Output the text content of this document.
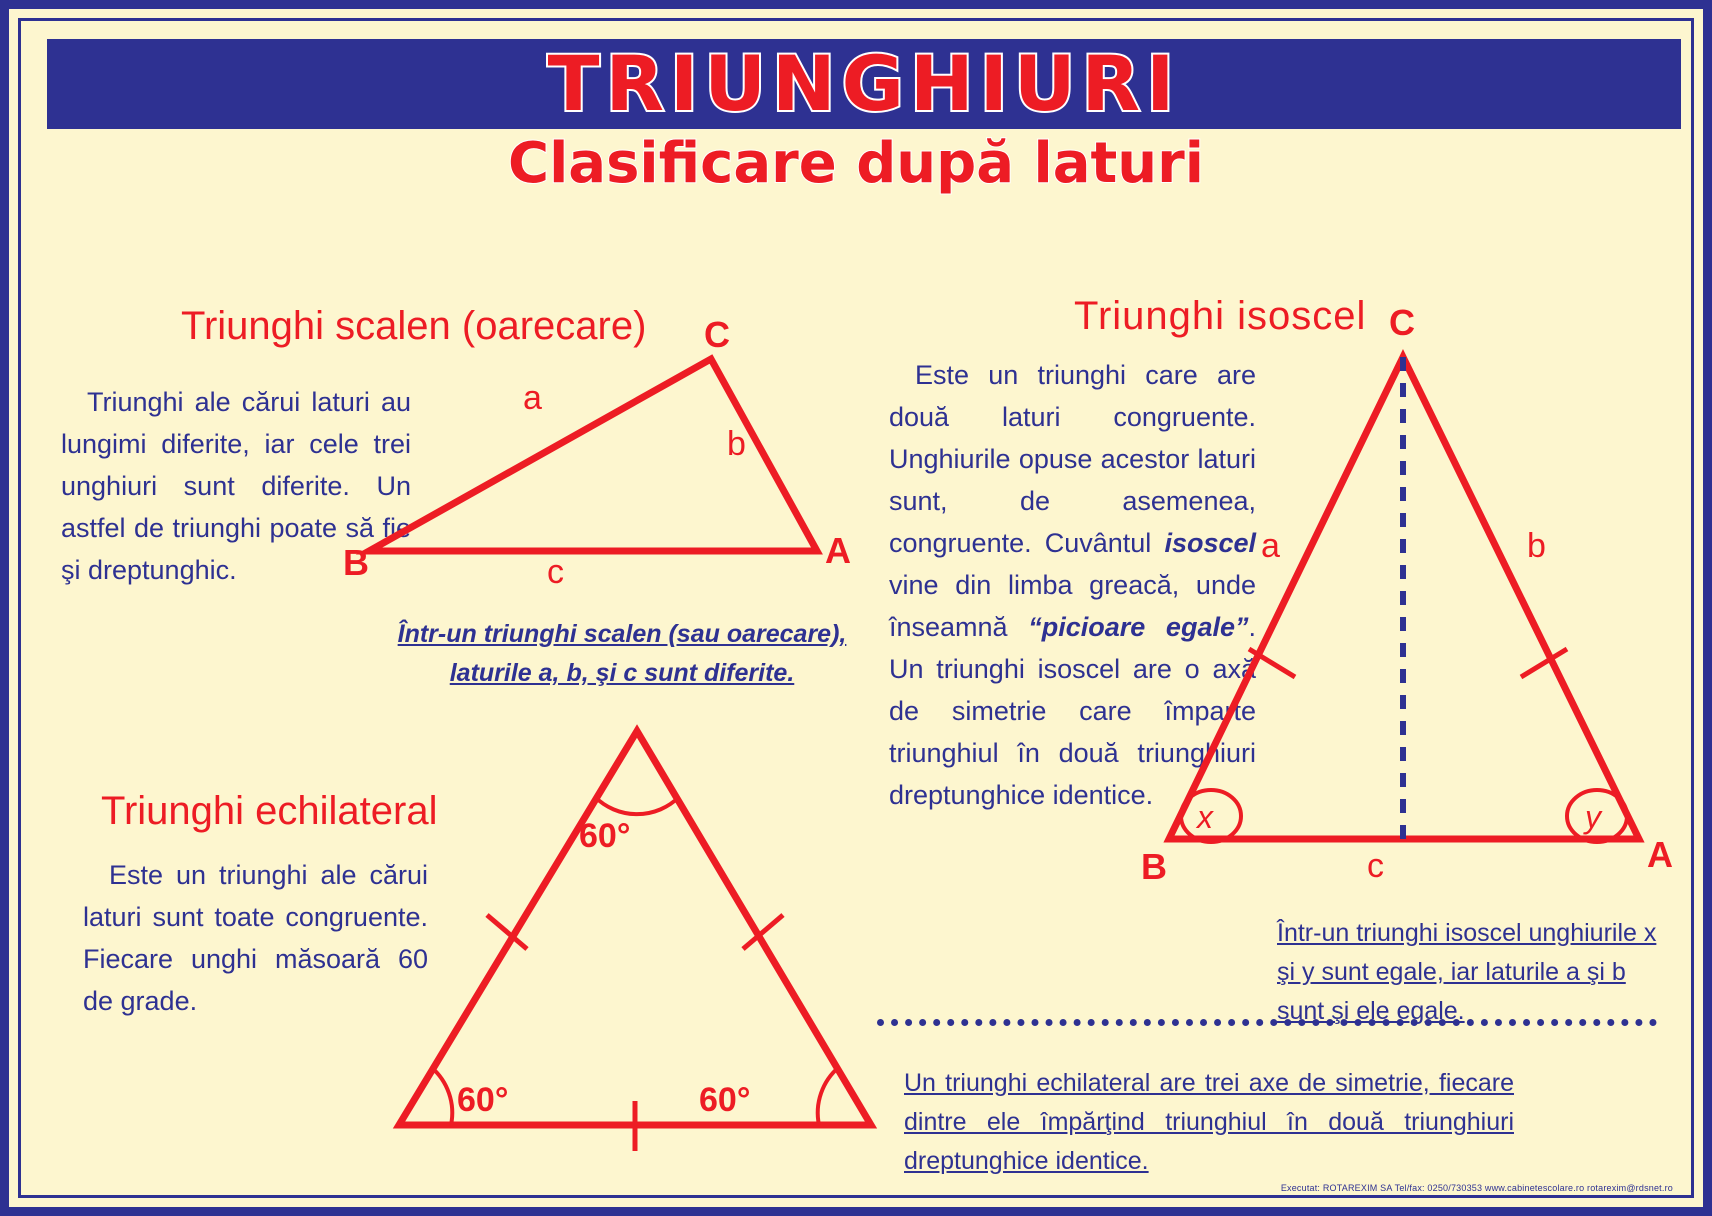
TRIUNGHIURI
Clasificare după laturi
Triunghi scalen (oarecare)
Triunghi ale cărui laturi au lungimi diferite, iar cele trei unghiuri sunt diferite. Un astfel de triunghi poate să fie şi dreptunghic.
Într-un triunghi scalen (sau oarecare), laturile a, b, şi c sunt diferite.
C
B	A
a
b
c
Triunghi isoscel
Este un triunghi care are două laturi congruente. Unghiurile opuse acestor laturi sunt, de asemenea, congruente. Cuvântul isoscel vine din limba greacă, unde înseamnă “picioare egale”. Un triunghi isoscel are o axă de simetrie care împarte triunghiul în două triunghiuri dreptunghice identice.
Într-un triunghi isoscel unghiurile x şi y sunt egale, iar laturile a şi b sunt şi ele egale.
x	y
C
B	A
a	b
c
Triunghi echilateral
Este un triunghi ale cărui laturi sunt toate congruente. Fiecare unghi măsoară 60 de grade.
Un triunghi echilateral are trei axe de simetrie, fiecare dintre ele împărţind triunghiul în două triunghiuri dreptunghice identice.
60°
60°	60°
Executat: ROTAREXIM SA Tel/fax: 0250/730353 www.cabinetescolare.ro rotarexim@rdsnet.ro
